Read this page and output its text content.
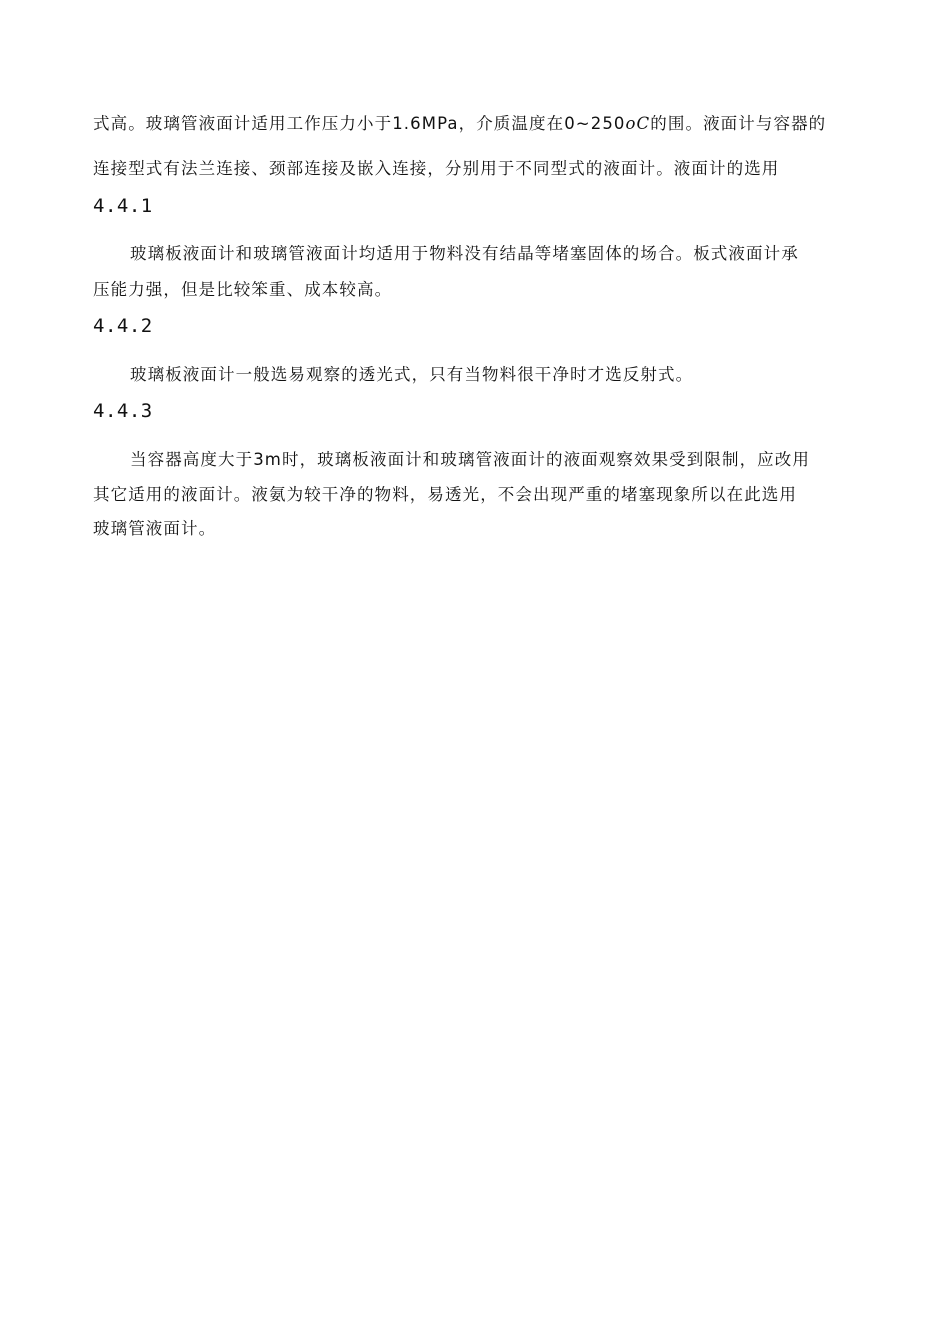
式高。玻璃管液面计适用工作压力小于1.6MPa，介质温度在0~250oC的围。液面计与容器的
连接型式有法兰连接、颈部连接及嵌入连接，分别用于不同型式的液面计。液面计的选用
4.4.1
玻璃板液面计和玻璃管液面计均适用于物料没有结晶等堵塞固体的场合。板式液面计承
压能力强，但是比较笨重、成本较高。
4.4.2
玻璃板液面计一般选易观察的透光式，只有当物料很干净时才选反射式。
4.4.3
当容器高度大于3m时，玻璃板液面计和玻璃管液面计的液面观察效果受到限制，应改用
其它适用的液面计。液氨为较干净的物料，易透光，不会出现严重的堵塞现象所以在此选用
玻璃管液面计。
